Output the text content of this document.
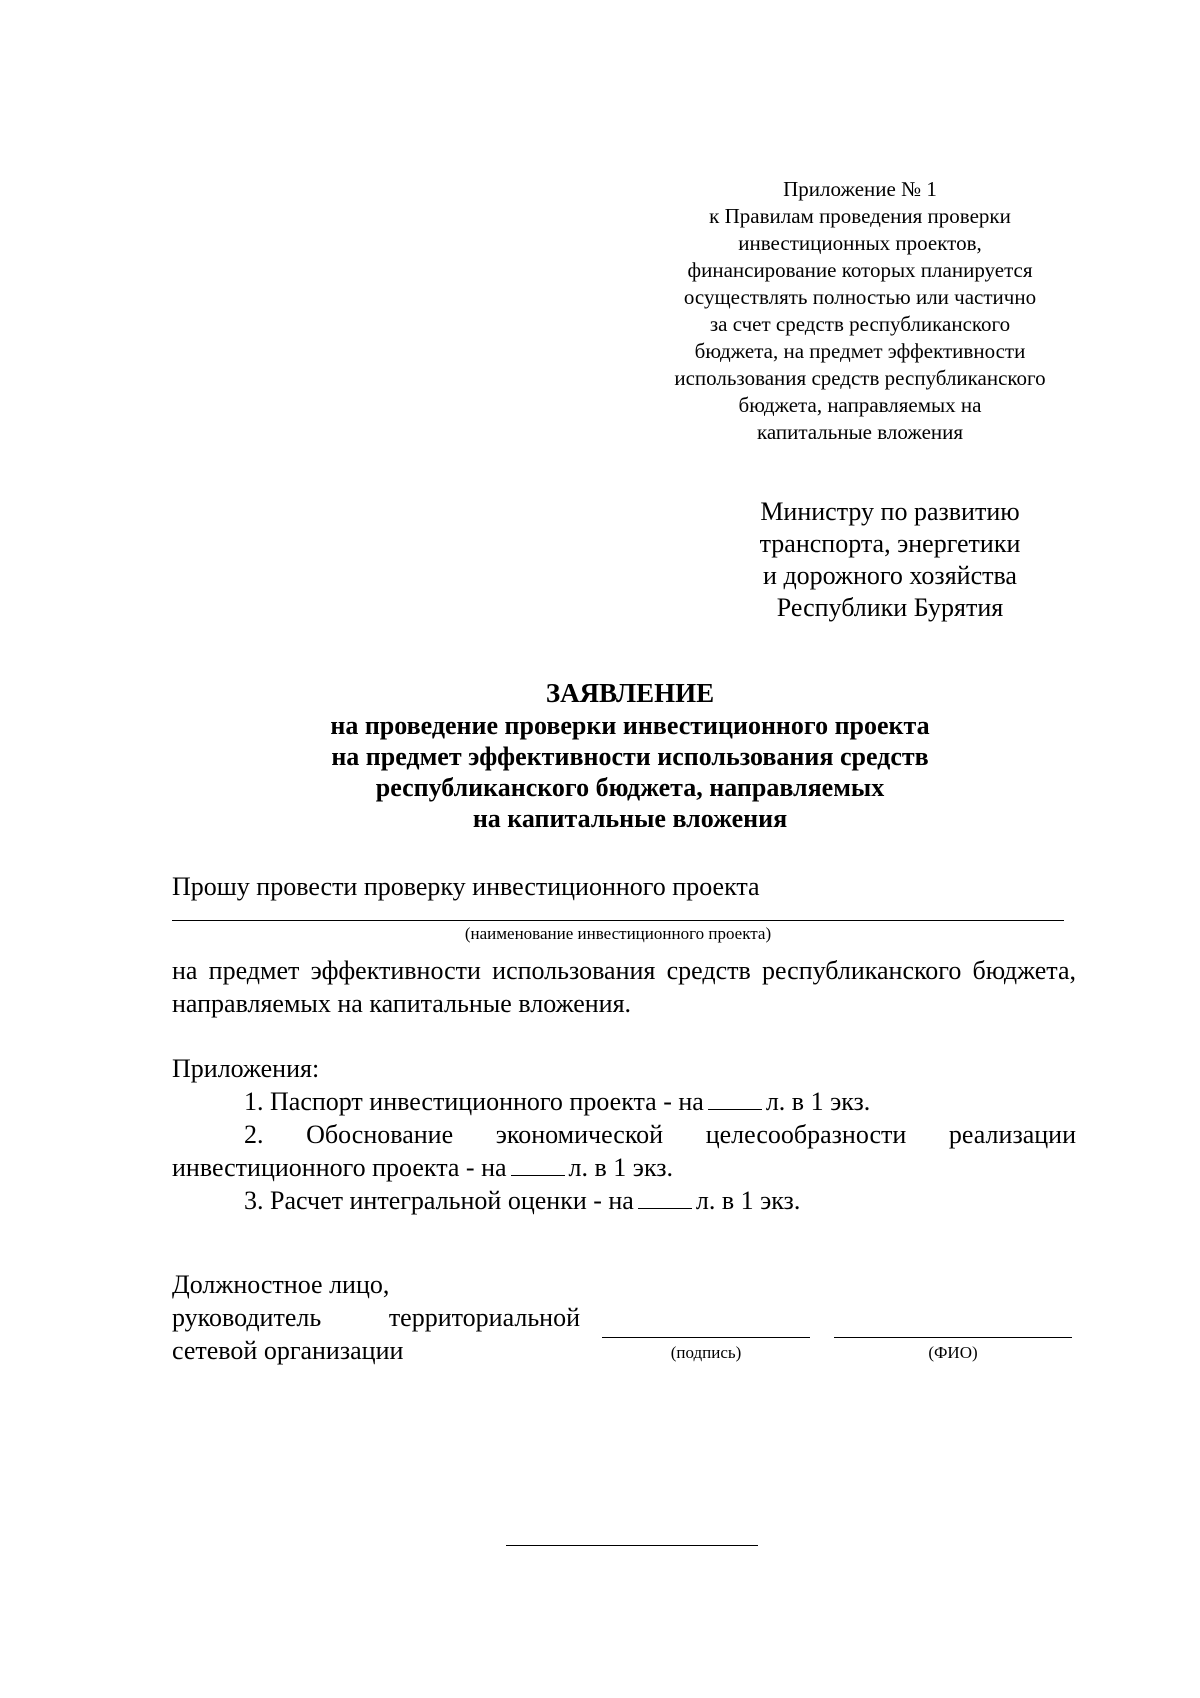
Приложение № 1
к Правилам проведения проверки
инвестиционных проектов,
финансирование которых планируется
осуществлять полностью или частично
за счет средств республиканского
бюджета, на предмет эффективности
использования средств республиканского
бюджета, направляемых на
капитальные вложения
Министру по развитию
транспорта, энергетики
и дорожного хозяйства
Республики Бурятия
ЗАЯВЛЕНИЕ
на проведение проверки инвестиционного проекта
на предмет эффективности использования средств
республиканского бюджета, направляемых
на капитальные вложения
Прошу провести проверку инвестиционного проекта
(наименование инвестиционного проекта)
на предмет эффективности использования средств республиканского бюджета, направляемых на капитальные вложения.
Приложения:
1. Паспорт инвестиционного проекта - на л. в 1 экз.
2. Обоснование экономической целесообразности реализации инвестиционного проекта - на л. в 1 экз.
3. Расчет интегральной оценки - на л. в 1 экз.
Должностное лицо,
руководитель территориальной
сетевой организации	(подпись)	(ФИО)
